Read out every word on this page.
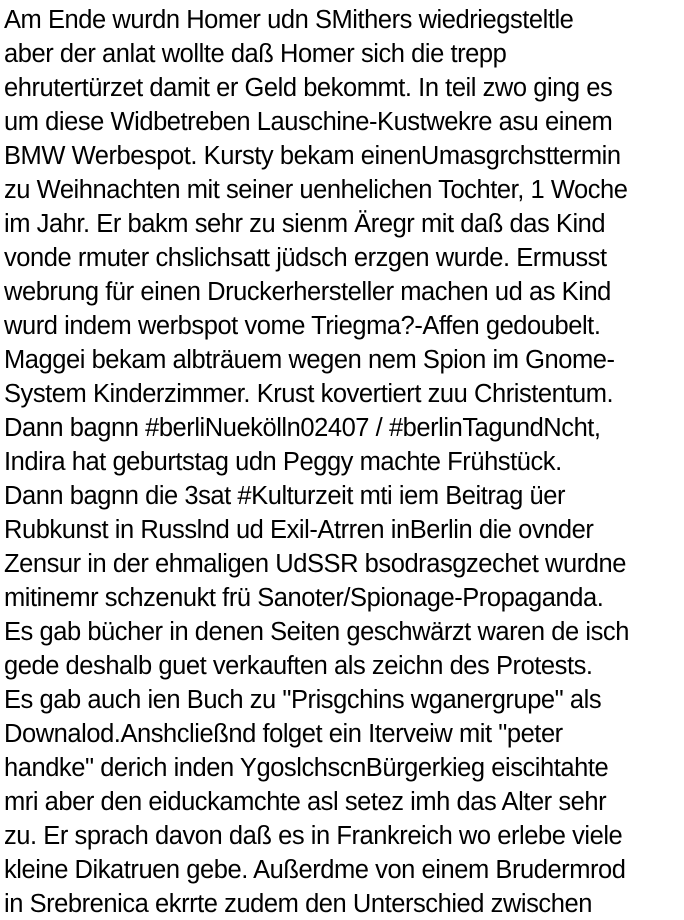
Am Ende wurdn Homer udn SMithers wiedriegsteltle
aber der anlat wollte daß Homer sich die trepp
ehrutertürzet damit er Geld bekommt. In teil zwo ging es
um diese Widbetreben Lauschine-Kustwekre asu einem
BMW Werbespot. Kursty bekam einenUmasgrchsttermin
zu Weihnachten mit seiner uenhelichen Tochter, 1 Woche
im Jahr. Er bakm sehr zu sienm Äregr mit daß das Kind
vonde rmuter chslichsatt jüdsch erzgen wurde. Ermusst
webrung für einen Druckerhersteller machen ud as Kind
wurd indem werbspot vome Triegma?-Affen gedoubelt.
Maggei bekam albträuem wegen nem Spion im Gnome-
System Kinderzimmer. Krust kovertiert zuu Christentum.
Dann bagnn #berliNuekölln02407 / #berlinTagundNcht,
Indira hat geburtstag udn Peggy machte Frühstück.
Dann bagnn die 3sat #Kulturzeit mti iem Beitrag üer
Rubkunst in Russlnd ud Exil-Atrren inBerlin die ovnder
Zensur in der ehmaligen UdSSR bsodrasgzechet wurdne
mitinemr schzenukt frü Sanoter/Spionage-Propaganda.
Es gab bücher in denen Seiten geschwärzt waren de isch
gede deshalb guet verkauften als zeichn des Protests.
Es gab auch ien Buch zu "Prisgchins wganergrupe" als
Downalod.Anshcließnd folget ein Iterveiw mit "peter
handke" derich inden YgoslchscnBürgerkieg eiscihtahte
mri aber den eiduckamchte asl setez imh das Alter sehr
zu. Er sprach davon daß es in Frankreich wo erlebe viele
kleine Dikatruen gebe. Außerdme von einem Brudermrod
in Srebrenica ekrrte zudem den Unterschied zwischen
